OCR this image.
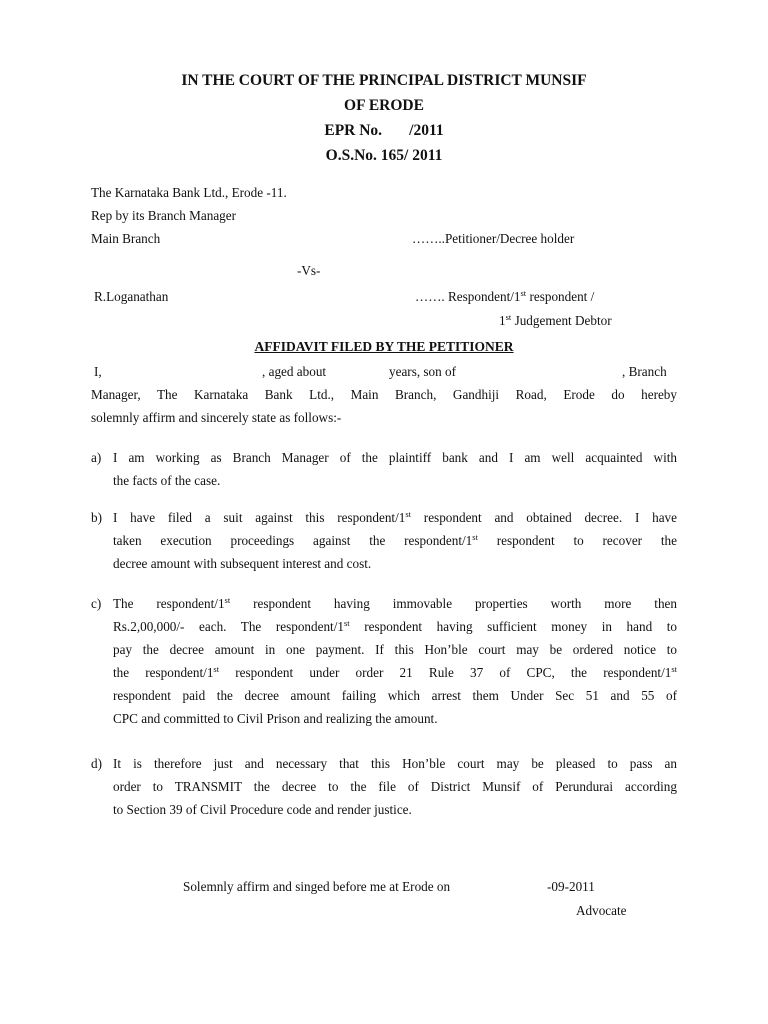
IN THE COURT OF THE PRINCIPAL DISTRICT MUNSIF
OF ERODE
EPR No.       /2011
O.S.No. 165/ 2011
The Karnataka Bank Ltd., Erode -11.
Rep by its Branch Manager
Main Branch	……..Petitioner/Decree holder
-Vs-
R.Loganathan	……. Respondent/1st respondent /
1st Judgement Debtor
AFFIDAVIT FILED BY THE PETITIONER
I,	, aged about	years, son of	, Branch
Manager, The Karnataka Bank Ltd., Main Branch, Gandhiji Road, Erode do hereby
solemnly affirm and sincerely state as follows:-
a) I am working as Branch Manager of the plaintiff bank and I am well acquainted with
the facts of the case.
b) I have filed a suit against this respondent/1st respondent and obtained decree. I have
taken execution proceedings against the respondent/1st respondent to recover the
decree amount with subsequent interest and cost.
c) The respondent/1st respondent having immovable properties worth more then
Rs.2,00,000/- each. The respondent/1st respondent having sufficient money in hand to
pay the decree amount in one payment. If this Hon’ble court may be ordered notice to
the respondent/1st respondent under order 21 Rule 37 of CPC, the respondent/1st
respondent paid the decree amount failing which arrest them Under Sec 51 and 55 of
CPC and committed to Civil Prison and realizing the amount.
d) It is therefore just and necessary that this Hon’ble court may be pleased to pass an
order to TRANSMIT the decree to the file of District Munsif of Perundurai according
to Section 39 of Civil Procedure code and render justice.
Solemnly affirm and singed before me at Erode on	-09-2011
Advocate
